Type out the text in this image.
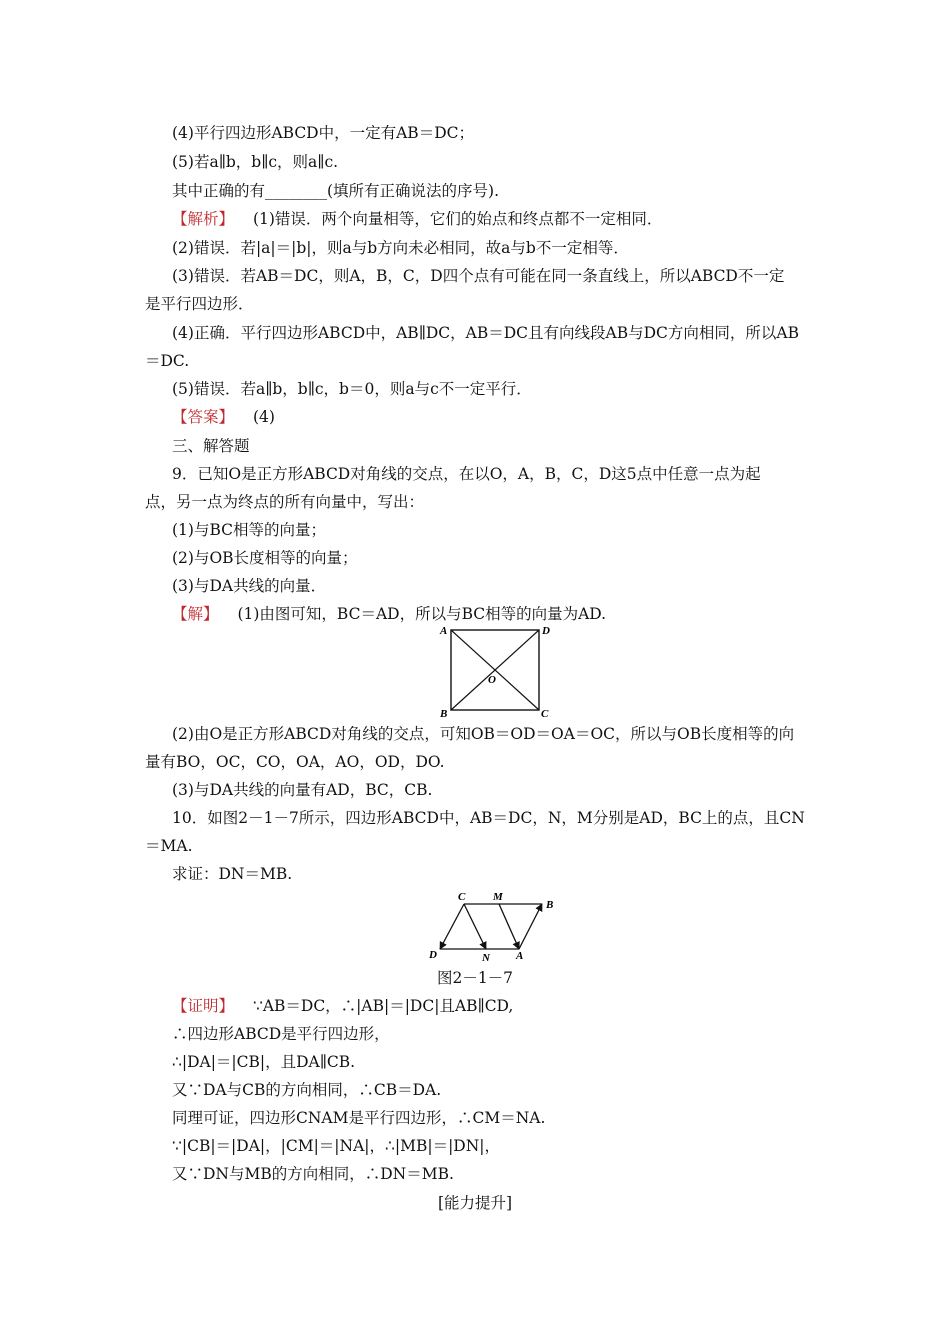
(4)平行四边形ABCD中，一定有AB＝DC；
(5)若a∥b，b∥c，则a∥c.
其中正确的有________(填所有正确说法的序号).
【解析】 (1)错误．两个向量相等，它们的始点和终点都不一定相同．
(2)错误．若|a|＝|b|，则a与b方向未必相同，故a与b不一定相等．
(3)错误．若AB＝DC，则A，B，C，D四个点有可能在同一条直线上，所以ABCD不一定
是平行四边形．
(4)正确．平行四边形ABCD中，AB∥DC，AB＝DC且有向线段AB与DC方向相同，所以AB
＝DC.
(5)错误．若a∥b，b∥c，b＝0，则a与c不一定平行．
【答案】 (4)
三、解答题
9．已知O是正方形ABCD对角线的交点，在以O，A，B，C，D这5点中任意一点为起
点，另一点为终点的所有向量中，写出：
(1)与BC相等的向量；
(2)与OB长度相等的向量；
(3)与DA共线的向量．
【解】 (1)由图可知，BC＝AD，所以与BC相等的向量为AD.
A	D
B	C
O
(2)由O是正方形ABCD对角线的交点，可知OB＝OD＝OA＝OC，所以与OB长度相等的向
量有BO，OC，CO，OA，AO，OD，DO.
(3)与DA共线的向量有AD，BC，CB.
10．如图2－1－7所示，四边形ABCD中，AB＝DC，N，M分别是AD，BC上的点，且CN
＝MA.
求证：DN＝MB.
C	M
B
D	N A
图2－1－7
【证明】 ∵AB＝DC，∴|AB|＝|DC|且AB∥CD,
∴四边形ABCD是平行四边形，
∴|DA|＝|CB|，且DA∥CB.
又∵DA与CB的方向相同，∴CB＝DA.
同理可证，四边形CNAM是平行四边形，∴CM＝NA.
∵|CB|＝|DA|，|CM|＝|NA|，∴|MB|＝|DN|，
又∵DN与MB的方向相同，∴DN＝MB.
[能力提升]
